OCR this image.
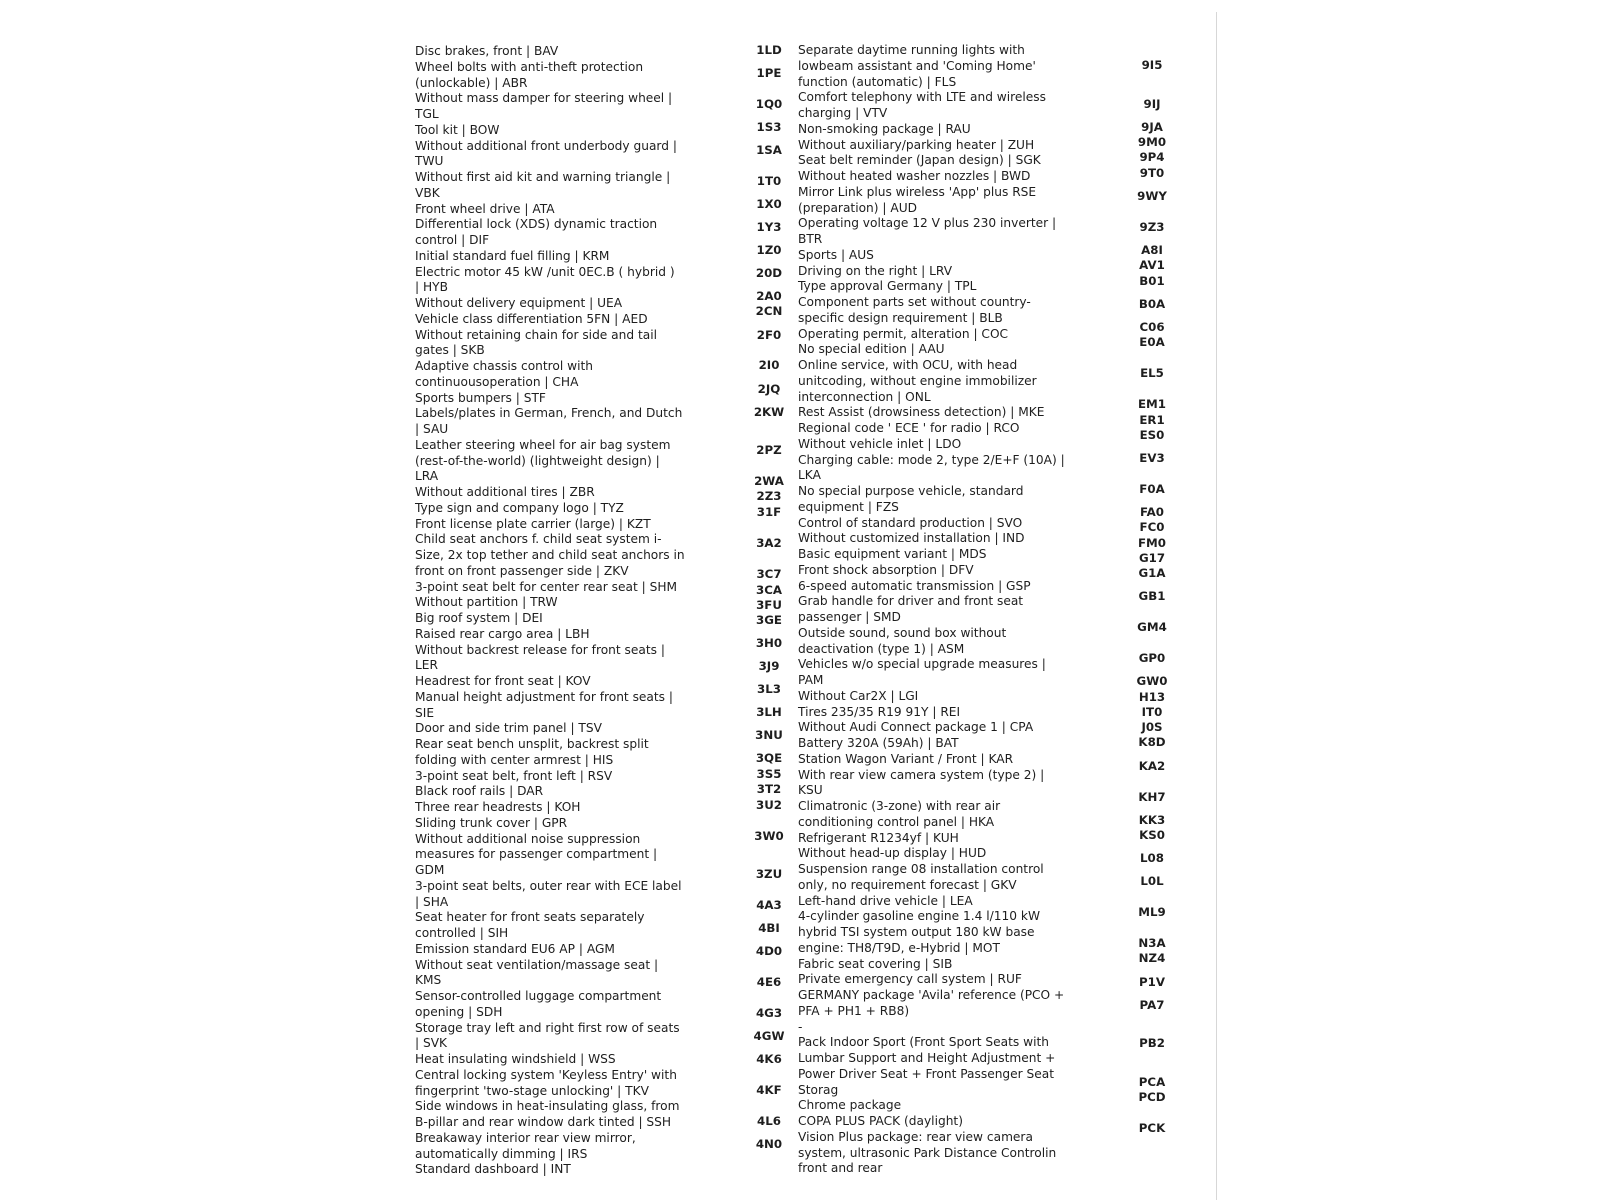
Disc brakes, front | BAV
Wheel bolts with anti-theft protection
(unlockable) | ABR
Without mass damper for steering wheel |
TGL
Tool kit | BOW
Without additional front underbody guard |
TWU
Without first aid kit and warning triangle |
VBK
Front wheel drive | ATA
Differential lock (XDS) dynamic traction
control | DIF
Initial standard fuel filling | KRM
Electric motor 45 kW /unit 0EC.B ( hybrid )
| HYB
Without delivery equipment | UEA
Vehicle class differentiation 5FN | AED
Without retaining chain for side and tail
gates | SKB
Adaptive chassis control with
continuousoperation | CHA
Sports bumpers | STF
Labels/plates in German, French, and Dutch
| SAU
Leather steering wheel for air bag system
(rest-of-the-world) (lightweight design) |
LRA
Without additional tires | ZBR
Type sign and company logo | TYZ
Front license plate carrier (large) | KZT
Child seat anchors f. child seat system i-
Size, 2x top tether and child seat anchors in
front on front passenger side | ZKV
3-point seat belt for center rear seat | SHM
Without partition | TRW
Big roof system | DEI
Raised rear cargo area | LBH
Without backrest release for front seats |
LER
Headrest for front seat | KOV
Manual height adjustment for front seats |
SIE
Door and side trim panel | TSV
Rear seat bench unsplit, backrest split
folding with center armrest | HIS
3-point seat belt, front left | RSV
Black roof rails | DAR
Three rear headrests | KOH
Sliding trunk cover | GPR
Without additional noise suppression
measures for passenger compartment |
GDM
3-point seat belts, outer rear with ECE label
| SHA
Seat heater for front seats separately
controlled | SIH
Emission standard EU6 AP | AGM
Without seat ventilation/massage seat |
KMS
Sensor-controlled luggage compartment
opening | SDH
Storage tray left and right first row of seats
| SVK
Heat insulating windshield | WSS
Central locking system 'Keyless Entry' with
fingerprint 'two-stage unlocking' | TKV
Side windows in heat-insulating glass, from
B-pillar and rear window dark tinted | SSH
Breakaway interior rear view mirror,
automatically dimming | IRS
Standard dashboard | INT
1LD
1PE
1Q0
1S3
1SA
1T0
1X0
1Y3
1Z0
20D
2A0
2CN
2F0
2I0
2JQ
2KW
2PZ
2WA
2Z3
31F
3A2
3C7
3CA
3FU
3GE
3H0
3J9
3L3
3LH
3NU
3QE
3S5
3T2
3U2
3W0
3ZU
4A3
4BI
4D0
4E6
4G3
4GW
4K6
4KF
4L6
4N0
Separate daytime running lights with
lowbeam assistant and 'Coming Home'
function (automatic) | FLS
Comfort telephony with LTE and wireless
charging | VTV
Non-smoking package | RAU
Without auxiliary/parking heater | ZUH
Seat belt reminder (Japan design) | SGK
Without heated washer nozzles | BWD
Mirror Link plus wireless 'App' plus RSE
(preparation) | AUD
Operating voltage 12 V plus 230 inverter |
BTR
Sports | AUS
Driving on the right | LRV
Type approval Germany | TPL
Component parts set without country-
specific design requirement | BLB
Operating permit, alteration | COC
No special edition | AAU
Online service, with OCU, with head
unitcoding, without engine immobilizer
interconnection | ONL
Rest Assist (drowsiness detection) | MKE
Regional code ' ECE ' for radio | RCO
Without vehicle inlet | LDO
Charging cable: mode 2, type 2/E+F (10A) |
LKA
No special purpose vehicle, standard
equipment | FZS
Control of standard production | SVO
Without customized installation | IND
Basic equipment variant | MDS
Front shock absorption | DFV
6-speed automatic transmission | GSP
Grab handle for driver and front seat
passenger | SMD
Outside sound, sound box without
deactivation (type 1) | ASM
Vehicles w/o special upgrade measures |
PAM
Without Car2X | LGI
Tires 235/35 R19 91Y | REI
Without Audi Connect package 1 | CPA
Battery 320A (59Ah) | BAT
Station Wagon Variant / Front | KAR
With rear view camera system (type 2) |
KSU
Climatronic (3-zone) with rear air
conditioning control panel | HKA
Refrigerant R1234yf | KUH
Without head-up display | HUD
Suspension range 08 installation control
only, no requirement forecast | GKV
Left-hand drive vehicle | LEA
4-cylinder gasoline engine 1.4 l/110 kW
hybrid TSI system output 180 kW base
engine: TH8/T9D, e-Hybrid | MOT
Fabric seat covering | SIB
Private emergency call system | RUF
GERMANY package 'Avila' reference (PCO +
PFA + PH1 + RB8)
-
Pack Indoor Sport (Front Sport Seats with
Lumbar Support and Height Adjustment +
Power Driver Seat + Front Passenger Seat
Storag
Chrome package
COPA PLUS PACK (daylight)
Vision Plus package: rear view camera
system, ultrasonic Park Distance Controlin
front and rear
9I5
9IJ
9JA
9M0
9P4
9T0
9WY
9Z3
A8I
AV1
B01
B0A
C06
E0A
EL5
EM1
ER1
ES0
EV3
F0A
FA0
FC0
FM0
G17
G1A
GB1
GM4
GP0
GW0
H13
IT0
J0S
K8D
KA2
KH7
KK3
KS0
L08
L0L
ML9
N3A
NZ4
P1V
PA7
PB2
PCA
PCD
PCK
